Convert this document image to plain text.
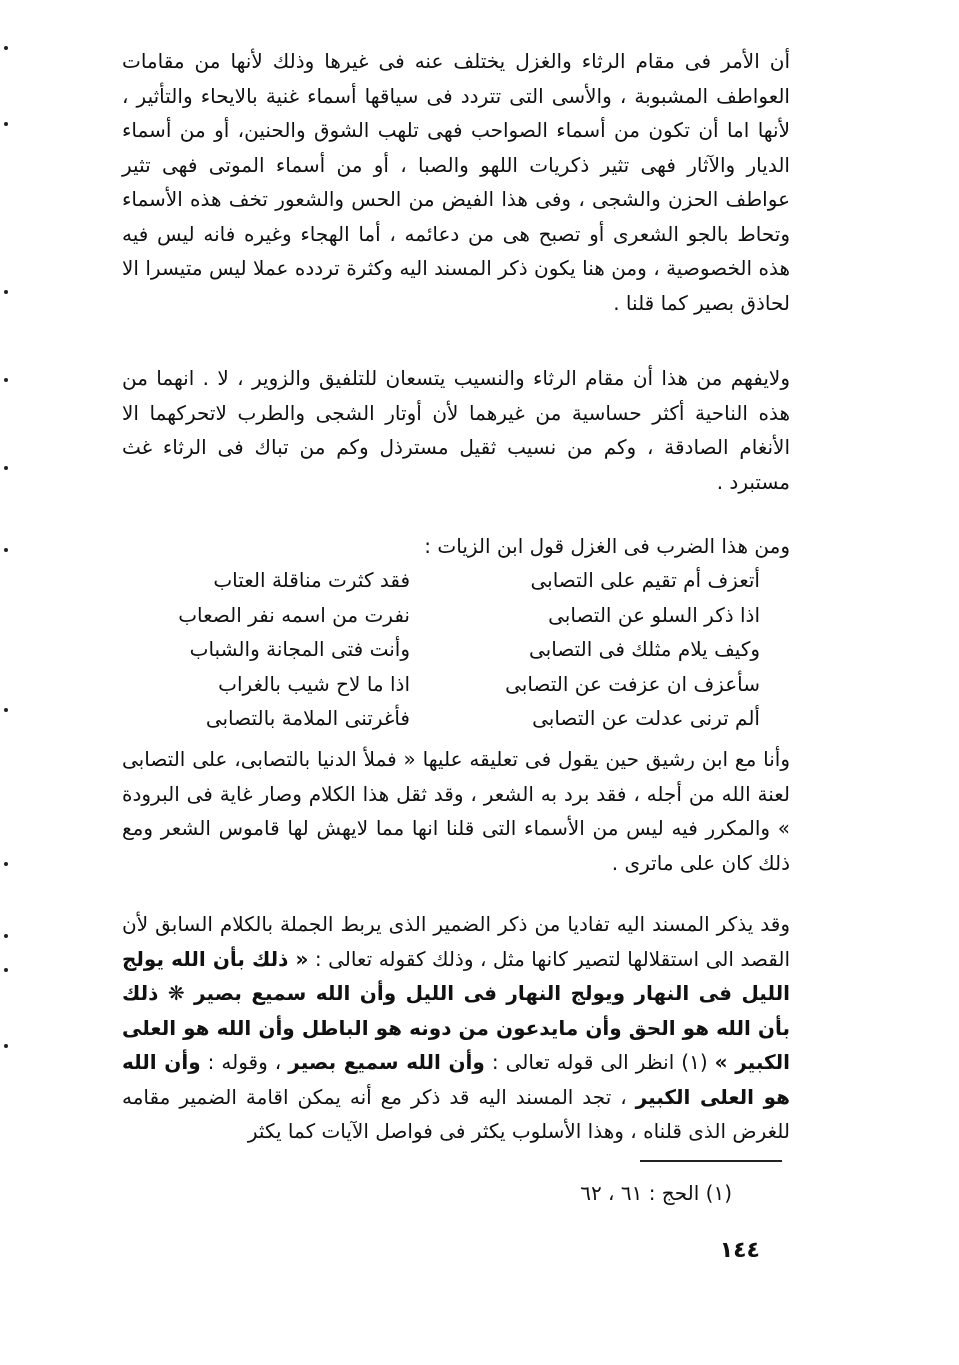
أن الأمر فى مقام الرثاء والغزل يختلف عنه فى غيرها وذلك لأنها من مقامات العواطف المشبوبة ، والأسى التى تتردد فى سياقها أسماء غنية بالايحاء والتأثير ، لأنها اما أن تكون من أسماء الصواحب فهى تلهب الشوق والحنين، أو من أسماء الديار والآثار فهى تثير ذكريات اللهو والصبا ، أو من أسماء الموتى فهى تثير عواطف الحزن والشجى ، وفى هذا الفيض من الحس والشعور تخف هذه الأسماء وتحاط بالجو الشعرى أو تصبح هى من دعائمه ، أما الهجاء وغيره فانه ليس فيه هذه الخصوصية ، ومن هنا يكون ذكر المسند اليه وكثرة تردده عملا ليس متيسرا الا لحاذق بصير كما قلنا .

ولايفهم من هذا أن مقام الرثاء والنسيب يتسعان للتلفيق والزوير ، لا . انهما من هذه الناحية أكثر حساسية من غيرهما لأن أوتار الشجى والطرب لاتحركهما الا الأنغام الصادقة ، وكم من نسيب ثقيل مسترذل وكم من تباك فى الرثاء غث مستبرد .

ومن هذا الضرب فى الغزل قول ابن الزيات :

أتعزف أم تقيم على التصابى
فقد كثرت مناقلة العتاب
اذا ذكر السلو عن التصابى
نفرت من اسمه نفر الصعاب
وكيف يلام مثلك فى التصابى
وأنت فتى المجانة والشباب
سأعزف ان عزفت عن التصابى
اذا ما لاح شيب بالغراب
ألم ترنى عدلت عن التصابى
فأغرتنى الملامة بالتصابى

وأنا مع ابن رشيق حين يقول فى تعليقه عليها « فملأ الدنيا بالتصابى، على التصابى لعنة الله من أجله ، فقد برد به الشعر ، وقد ثقل هذا الكلام وصار غاية فى البرودة » والمكرر فيه ليس من الأسماء التى قلنا انها مما لايهش لها قاموس الشعر ومع ذلك كان على ماترى .

وقد يذكر المسند اليه تفاديا من ذكر الضمير الذى يربط الجملة بالكلام السابق لأن القصد الى استقلالها لتصير كانها مثل ، وذلك كقوله تعالى : « ذلك بأن الله يولج الليل فى النهار ويولج النهار فى الليل وأن الله سميع بصير ❋ ذلك بأن الله هو الحق وأن مايدعون من دونه هو الباطل وأن الله هو العلى الكبير » (١) انظر الى قوله تعالى : وأن الله سميع بصير ، وقوله : وأن الله هو العلى الكبير ، تجد المسند اليه قد ذكر مع أنه يمكن اقامة الضمير مقامه للغرض الذى قلناه ، وهذا الأسلوب يكثر فى فواصل الآيات كما يكثر

(١) الحج : ٦١ ، ٦٢
١٤٤
